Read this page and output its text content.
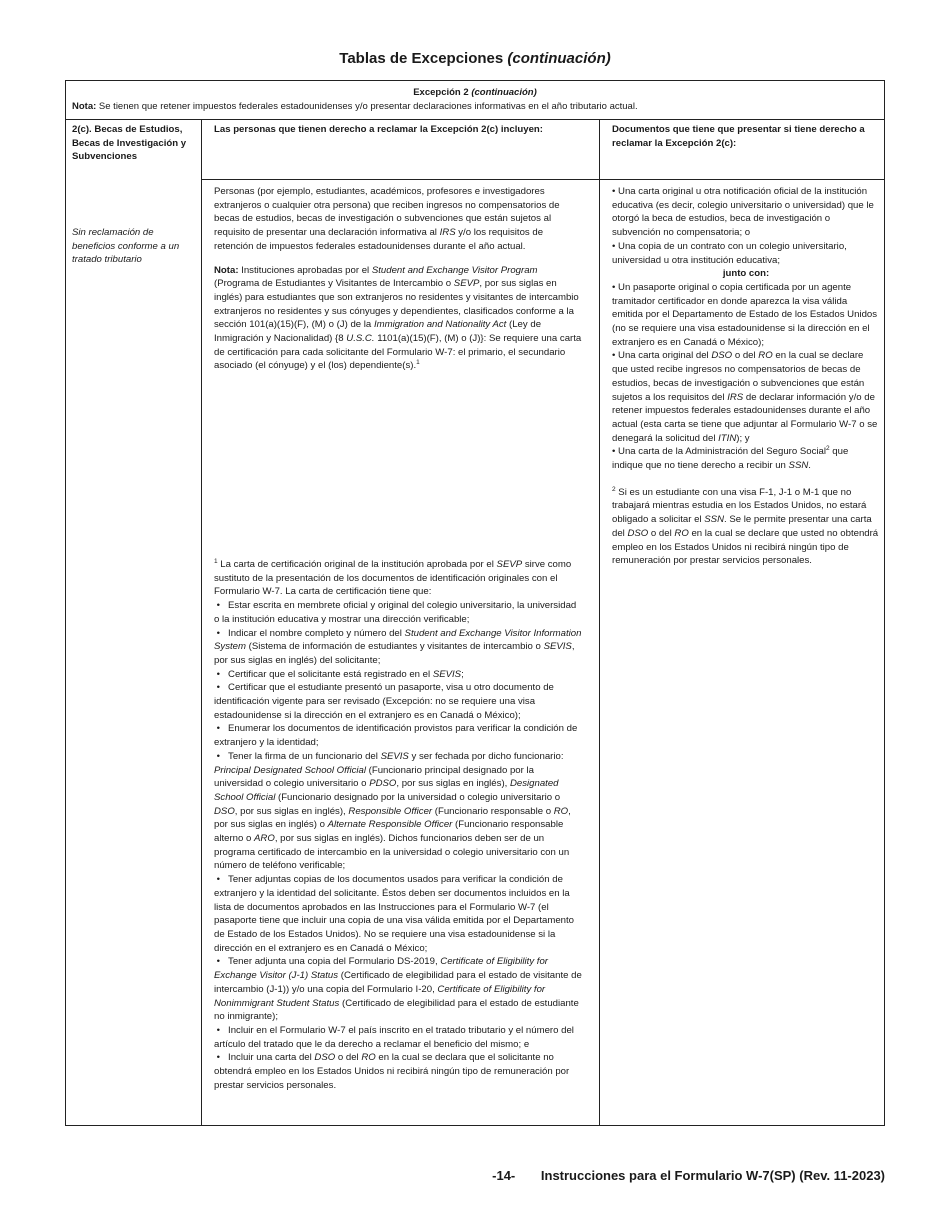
Tablas de Excepciones (continuación)
Excepción 2 (continuación)
Nota: Se tienen que retener impuestos federales estadounidenses y/o presentar declaraciones informativas en el año tributario actual.
2(c). Becas de Estudios, Becas de Investigación y Subvenciones
Sin reclamación de beneficios conforme a un tratado tributario
Las personas que tienen derecho a reclamar la Excepción 2(c) incluyen:

Personas (por ejemplo, estudiantes, académicos, profesores e investigadores extranjeros o cualquier otra persona) que reciben ingresos no compensatorios de becas de estudios, becas de investigación o subvenciones que están sujetos al requisito de presentar una declaración informativa al IRS y/o los requisitos de retención de impuestos federales estadounidenses durante el año actual.

Nota: Instituciones aprobadas por el Student and Exchange Visitor Program (Programa de Estudiantes y Visitantes de Intercambio o SEVP, por sus siglas en inglés) para estudiantes que son extranjeros no residentes y visitantes de intercambio extranjeros no residentes y sus cónyuges y dependientes, clasificados conforme a la sección 101(a)(15)(F), (M) o (J) de la Immigration and Nationality Act (Ley de Inmigración y Nacionalidad) {8 U.S.C. 1101(a)(15)(F), (M) o (J)}: Se requiere una carta de certificación para cada solicitante del Formulario W-7: el primario, el secundario asociado (el cónyuge) y el (los) dependiente(s).$^1$

$^1$ La carta de certificación original de la institución aprobada por el SEVP sirve como sustituto de la presentación de los documentos de identificación originales con el Formulario W-7. La carta de certificación tiene que:

•   Estar escrita en membrete oficial y original del colegio universitario, la universidad o la institución educativa y mostrar una dirección verificable;

•   Indicar el nombre completo y número del Student and Exchange Visitor Information System (Sistema de información de estudiantes y visitantes de intercambio o SEVIS, por sus siglas en inglés) del solicitante;

•   Certificar que el solicitante está registrado en el SEVIS;

•   Certificar que el estudiante presentó un pasaporte, visa u otro documento de identificación vigente para ser revisado (Excepción: no se requiere una visa estadounidense si la dirección en el extranjero es en Canadá o México);

•   Enumerar los documentos de identificación provistos para verificar la condición de extranjero y la identidad;

•   Tener la firma de un funcionario del SEVIS y ser fechada por dicho funcionario: Principal Designated School Official (Funcionario principal designado por la universidad o colegio universitario o PDSO, por sus siglas en inglés), Designated School Official (Funcionario designado por la universidad o colegio universitario o DSO, por sus siglas en inglés), Responsible Officer (Funcionario responsable o RO, por sus siglas en inglés) o Alternate Responsible Officer (Funcionario responsable alterno o ARO, por sus siglas en inglés). Dichos funcionarios deben ser de un programa certificado de intercambio en la universidad o colegio universitario con un número de teléfono verificable;

•   Tener adjuntas copias de los documentos usados para verificar la condición de extranjero y la identidad del solicitante. Éstos deben ser documentos incluidos en la lista de documentos aprobados en las Instrucciones para el Formulario W-7 (el pasaporte tiene que incluir una copia de una visa válida emitida por el Departamento de Estado de los Estados Unidos). No se requiere una visa estadounidense si la dirección en el extranjero es en Canadá o México;

•   Tener adjunta una copia del Formulario DS-2019, Certificate of Eligibility for Exchange Visitor (J-1) Status (Certificado de elegibilidad para el estado de visitante de intercambio (J-1)) y/o una copia del Formulario I-20, Certificate of Eligibility for Nonimmigrant Student Status (Certificado de elegibilidad para el estado de estudiante no inmigrante);

•   Incluir en el Formulario W-7 el país inscrito en el tratado tributario y el número del artículo del tratado que le da derecho a reclamar el beneficio del mismo; e

•   Incluir una carta del DSO o del RO en la cual se declara que el solicitante no obtendrá empleo en los Estados Unidos ni recibirá ningún tipo de remuneración por prestar servicios personales.

Documentos que tiene que presentar si tiene derecho a reclamar la Excepción 2(c):

• Una carta original u otra notificación oficial de la institución educativa (es decir, colegio universitario o universidad) que le otorgó la beca de estudios, beca de investigación o subvención no compensatoria; o

• Una copia de un contrato con un colegio universitario, universidad u otra institución educativa;

junto con:

• Un pasaporte original o copia certificada por un agente tramitador certificador en donde aparezca la visa válida emitida por el Departamento de Estado de los Estados Unidos (no se requiere una visa estadounidense si la dirección en el extranjero es en Canadá o México);

• Una carta original del DSO o del RO en la cual se declare que usted recibe ingresos no compensatorios de becas de estudios, becas de investigación o subvenciones que están sujetos a los requisitos del IRS de declarar información y/o de retener impuestos federales estadounidenses durante el año actual (esta carta se tiene que adjuntar al Formulario W-7 o se denegará la solicitud del ITIN); y

• Una carta de la Administración del Seguro Social$^2$ que indique que no tiene derecho a recibir un SSN.

$^2$ Si es un estudiante con una visa F-1, J-1 o M-1 que no trabajará mientras estudia en los Estados Unidos, no estará obligado a solicitar el SSN. Se le permite presentar una carta del DSO o del RO en la cual se declare que usted no obtendrá empleo en los Estados Unidos ni recibirá ningún tipo de remuneración por prestar servicios personales.

-14- Instrucciones para el Formulario W-7(SP) (Rev. 11-2023)
